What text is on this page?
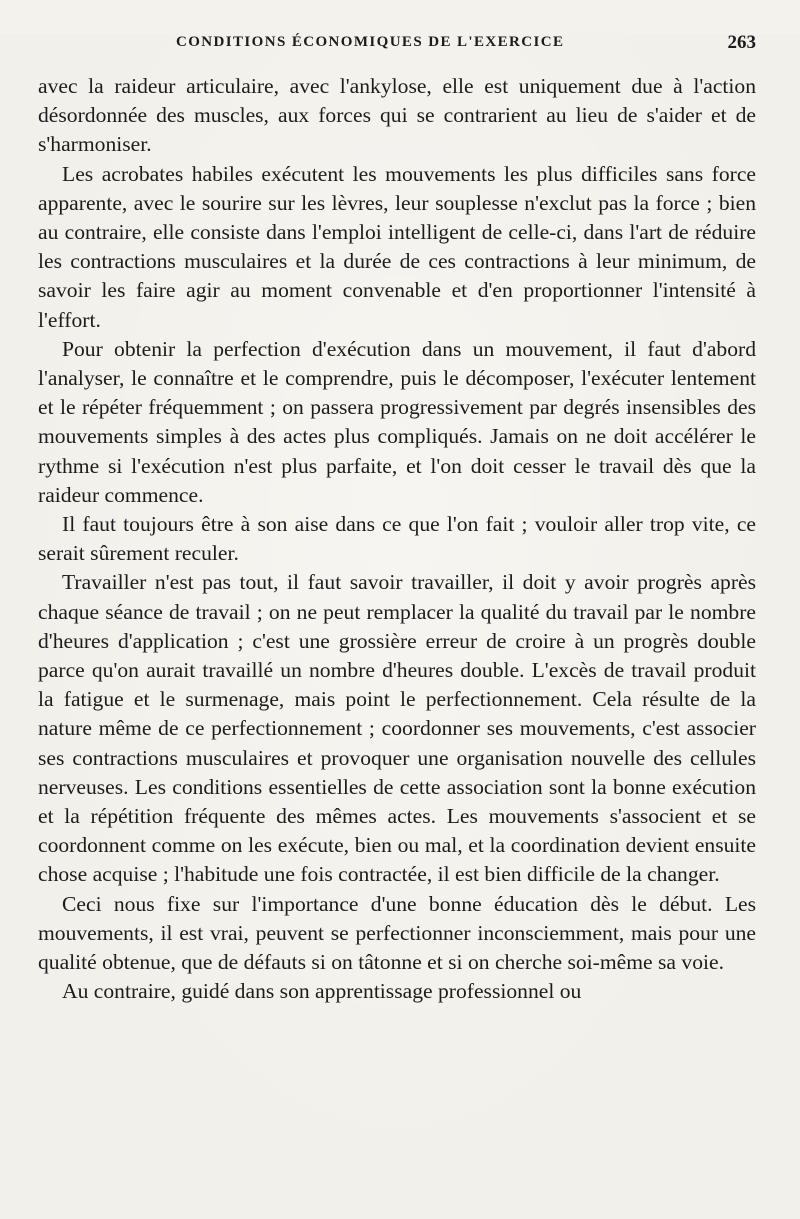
CONDITIONS ÉCONOMIQUES DE L'EXERCICE	263

avec la raideur articulaire, avec l'ankylose, elle est uniquement due à l'action désordonnée des muscles, aux forces qui se contrarient au lieu de s'aider et de s'harmoniser.

Les acrobates habiles exécutent les mouvements les plus difficiles sans force apparente, avec le sourire sur les lèvres, leur souplesse n'exclut pas la force ; bien au contraire, elle consiste dans l'emploi intelligent de celle-ci, dans l'art de réduire les contractions musculaires et la durée de ces contractions à leur minimum, de savoir les faire agir au moment convenable et d'en proportionner l'intensité à l'effort.

Pour obtenir la perfection d'exécution dans un mouvement, il faut d'abord l'analyser, le connaître et le comprendre, puis le décomposer, l'exécuter lentement et le répéter fréquemment ; on passera progressivement par degrés insensibles des mouvements simples à des actes plus compliqués. Jamais on ne doit accélérer le rythme si l'exécution n'est plus parfaite, et l'on doit cesser le travail dès que la raideur commence.

Il faut toujours être à son aise dans ce que l'on fait ; vouloir aller trop vite, ce serait sûrement reculer.

Travailler n'est pas tout, il faut savoir travailler, il doit y avoir progrès après chaque séance de travail ; on ne peut remplacer la qualité du travail par le nombre d'heures d'application ; c'est une grossière erreur de croire à un progrès double parce qu'on aurait travaillé un nombre d'heures double. L'excès de travail produit la fatigue et le surmenage, mais point le perfectionnement. Cela résulte de la nature même de ce perfectionnement ; coordonner ses mouvements, c'est associer ses contractions musculaires et provoquer une organisation nouvelle des cellules nerveuses. Les conditions essentielles de cette association sont la bonne exécution et la répétition fréquente des mêmes actes. Les mouvements s'associent et se coordonnent comme on les exécute, bien ou mal, et la coordination devient ensuite chose acquise ; l'habitude une fois contractée, il est bien difficile de la changer.

Ceci nous fixe sur l'importance d'une bonne éducation dès le début. Les mouvements, il est vrai, peuvent se perfectionner inconsciemment, mais pour une qualité obtenue, que de défauts si on tâtonne et si on cherche soi-même sa voie.

Au contraire, guidé dans son apprentissage professionnel ou
